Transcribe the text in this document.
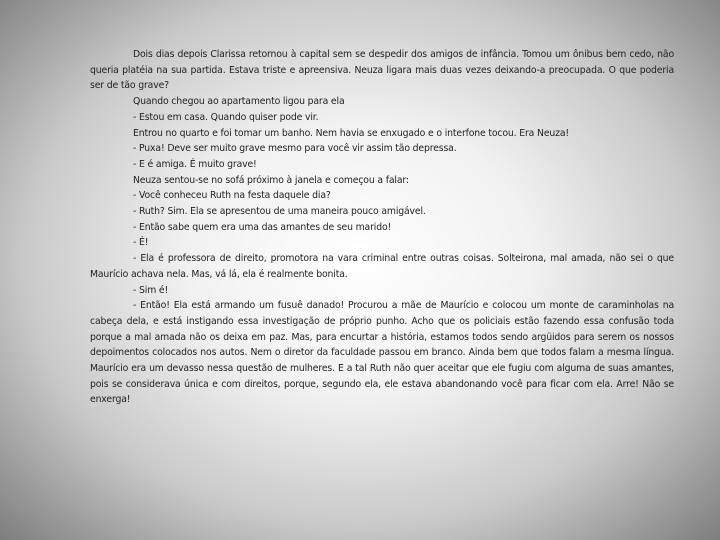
Dois dias depois Clarissa retornou à capital sem se despedir dos amigos de infância. Tomou um ônibus bem cedo, não queria platéia na sua partida. Estava triste e apreensiva. Neuza ligara mais duas vezes deixando-a preocupada. O que poderia ser de tão grave?

Quando chegou ao apartamento ligou para ela

- Estou em casa. Quando quiser pode vir.

Entrou no quarto e foi tomar um banho. Nem havia se enxugado e o interfone tocou. Era Neuza!

- Puxa! Deve ser muito grave mesmo para você vir assim tão depressa.

- E é amiga. É muito grave!

Neuza sentou-se no sofá próximo à janela e começou a falar:

- Você conheceu Ruth na festa daquele dia?

- Ruth? Sim. Ela se apresentou de uma maneira pouco amigável.

- Então sabe quem era uma das amantes de seu marido!

- É!

- Ela é professora de direito, promotora na vara criminal entre outras coisas. Solteirona, mal amada, não sei o que Maurício achava nela. Mas, vá lá, ela é realmente bonita.

- Sim é!

- Então! Ela está armando um fusuê danado! Procurou a mãe de Maurício e colocou um monte de caraminholas na cabeça dela, e está instigando essa investigação de próprio punho. Acho que os policiais estão fazendo essa confusão toda porque a mal amada não os deixa em paz. Mas, para encurtar a história, estamos todos sendo argüidos para serem os nossos depoimentos colocados nos autos. Nem o diretor da faculdade passou em branco. Ainda bem que todos falam a mesma língua. Maurício era um devasso nessa questão de mulheres. E a tal Ruth não quer aceitar que ele fugiu com alguma de suas amantes, pois se considerava única e com direitos, porque, segundo ela, ele estava abandonando você para ficar com ela. Arre! Não se enxerga!
